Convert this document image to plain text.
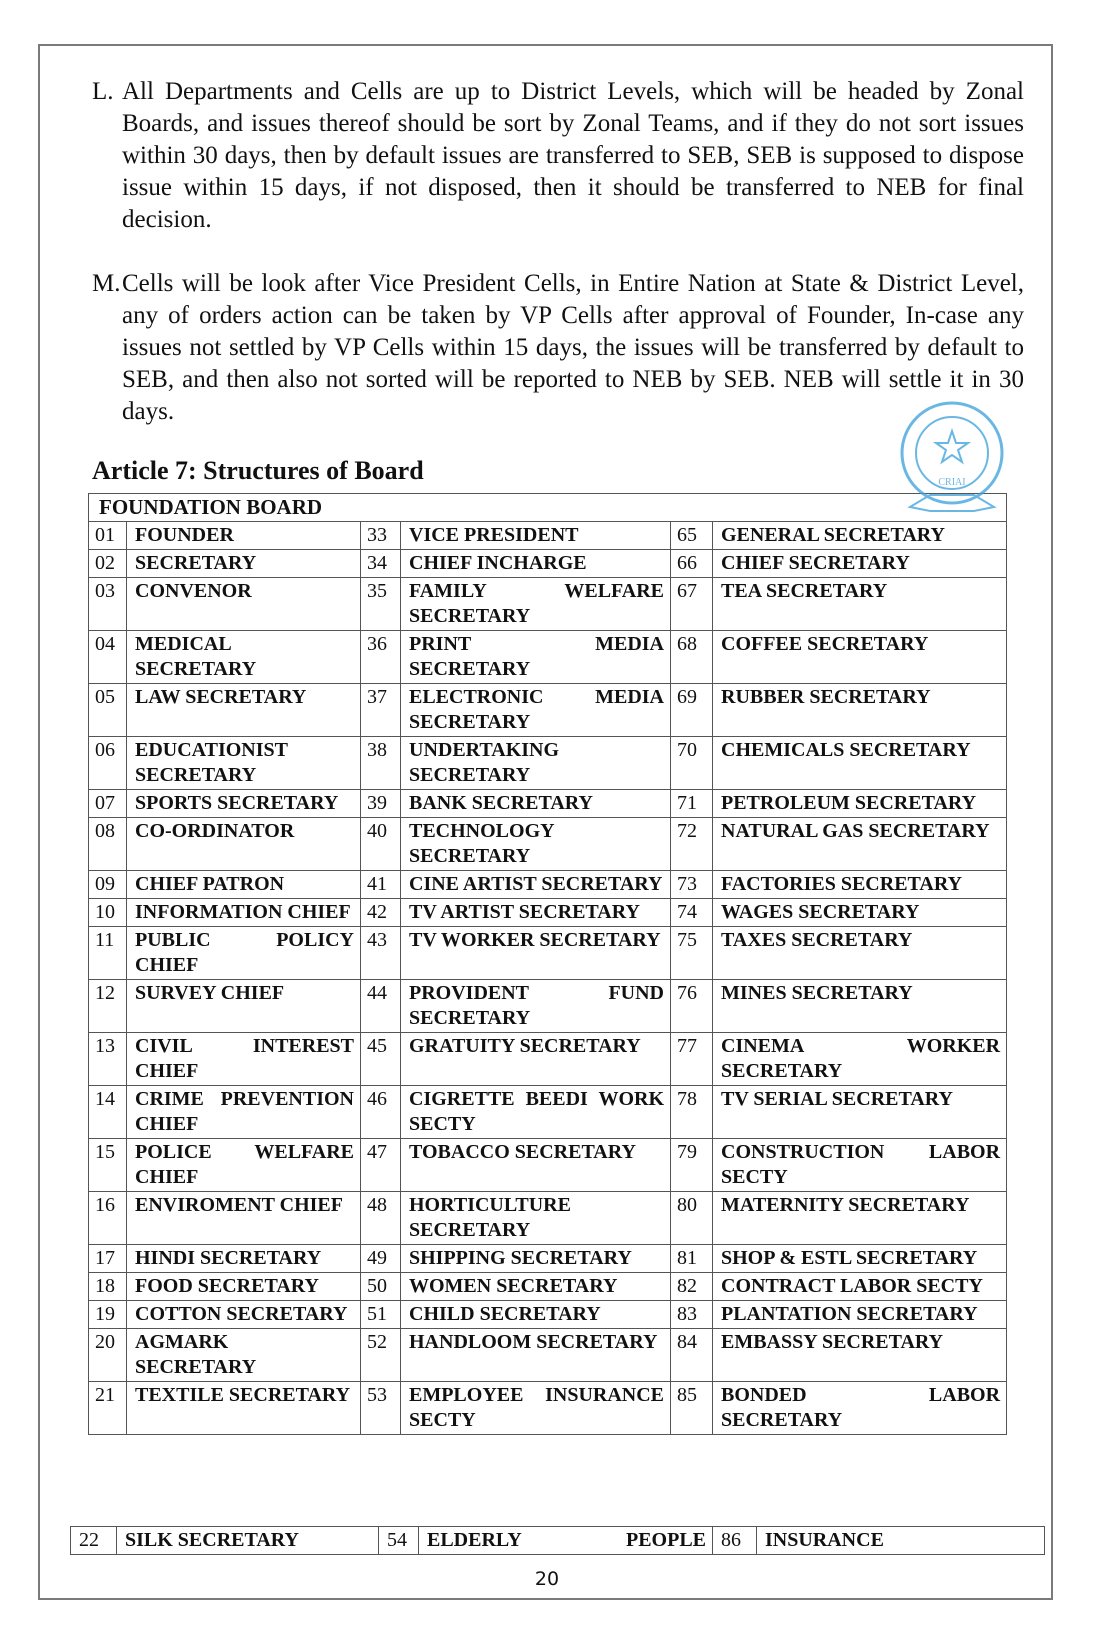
L. All Departments and Cells are up to District Levels, which will be headed by Zonal Boards, and issues thereof should be sort by Zonal Teams, and if they do not sort issues within 30 days, then by default issues are transferred to SEB, SEB is supposed to dispose issue within 15 days, if not disposed, then it should be transferred to NEB for final decision.
M. Cells will be look after Vice President Cells, in Entire Nation at State & District Level, any of orders action can be taken by VP Cells after approval of Founder, In-case any issues not settled by VP Cells within 15 days, the issues will be transferred by default to SEB, and then also not sorted will be reported to NEB by SEB. NEB will settle it in 30 days.
Article 7: Structures of Board
FOUNDATION BOARD					
01	FOUNDER	33	VICE PRESIDENT	65	GENERAL SECRETARY
02	SECRETARY	34	CHIEF INCHARGE	66	CHIEF SECRETARY
03	CONVENOR	35	FAMILY WELFARE SECRETARY	67	TEA SECRETARY
04	MEDICAL SECRETARY	36	PRINT MEDIA SECRETARY	68	COFFEE SECRETARY
05	LAW SECRETARY	37	ELECTRONIC MEDIA SECRETARY	69	RUBBER SECRETARY
06	EDUCATIONIST SECRETARY	38	UNDERTAKING SECRETARY	70	CHEMICALS SECRETARY
07	SPORTS SECRETARY	39	BANK SECRETARY	71	PETROLEUM SECRETARY
08	CO-ORDINATOR	40	TECHNOLOGY SECRETARY	72	NATURAL GAS SECRETARY
09	CHIEF PATRON	41	CINE ARTIST SECRETARY	73	FACTORIES SECRETARY
10	INFORMATION CHIEF	42	TV ARTIST SECRETARY	74	WAGES SECRETARY
11	PUBLIC POLICY CHIEF	43	TV WORKER SECRETARY	75	TAXES SECRETARY
12	SURVEY CHIEF	44	PROVIDENT FUND SECRETARY	76	MINES SECRETARY
13	CIVIL INTEREST CHIEF	45	GRATUITY SECRETARY	77	CINEMA WORKER SECRETARY
14	CRIME PREVENTION CHIEF	46	CIGRETTE BEEDI WORK SECTY	78	TV SERIAL SECRETARY
15	POLICE WELFARE CHIEF	47	TOBACCO SECRETARY	79	CONSTRUCTION LABOR SECTY
16	ENVIROMENT CHIEF	48	HORTICULTURE SECRETARY	80	MATERNITY SECRETARY
17	HINDI SECRETARY	49	SHIPPING SECRETARY	81	SHOP & ESTL SECRETARY
18	FOOD SECRETARY	50	WOMEN SECRETARY	82	CONTRACT LABOR SECTY
19	COTTON SECRETARY	51	CHILD SECRETARY	83	PLANTATION SECRETARY
20	AGMARK SECRETARY	52	HANDLOOM SECRETARY	84	EMBASSY SECRETARY
21	TEXTILE SECRETARY	53	EMPLOYEE INSURANCE SECTY	85	BONDED LABOR SECRETARY
22	SILK SECRETARY	54	ELDERLY PEOPLE	86	INSURANCE
20
CRIAI
